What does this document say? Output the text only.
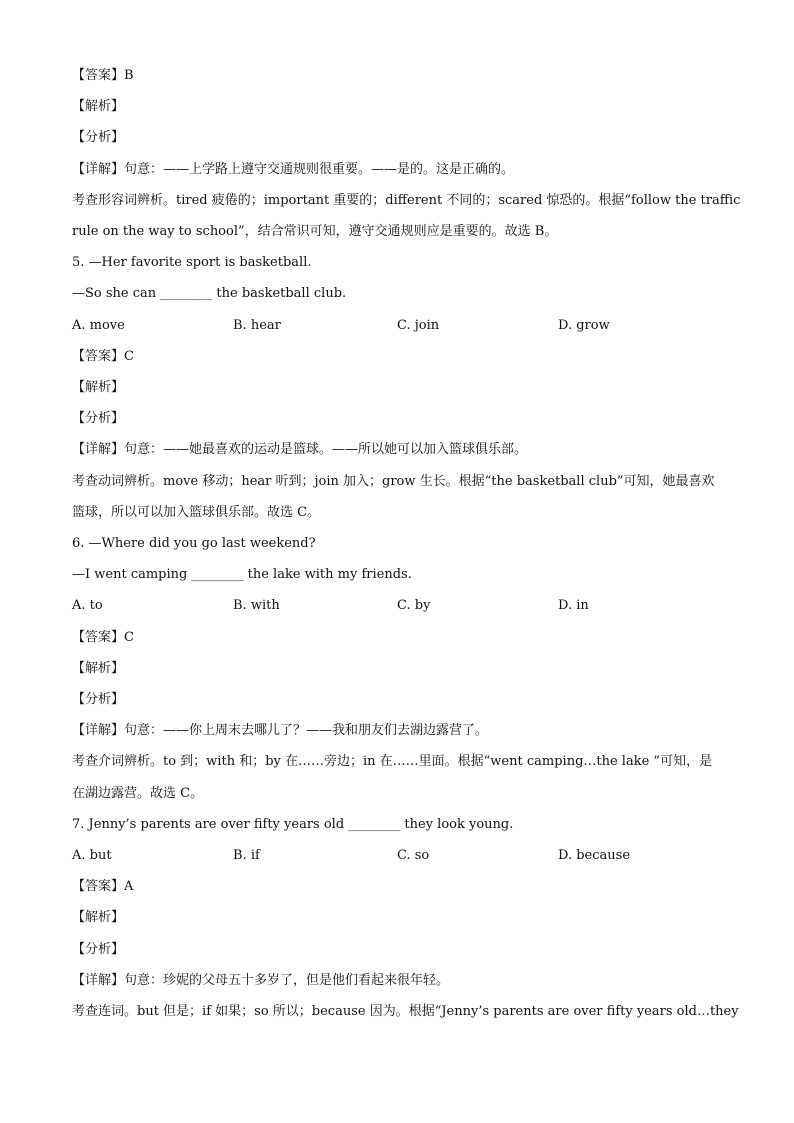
【答案】B
【解析】
【分析】
【详解】句意：——上学路上遵守交通规则很重要。——是的。这是正确的。
考查形容词辨析。tired 疲倦的；important 重要的；different 不同的；scared 惊恐的。根据“follow the traffic
rule on the way to school”，结合常识可知，遵守交通规则应是重要的。故选 B。
5. —Her favorite sport is basketball.
—So she can ________ the basketball club.
A. move	B. hear	C. join	D. grow
【答案】C
【解析】
【分析】
【详解】句意：——她最喜欢的运动是篮球。——所以她可以加入篮球俱乐部。
考查动词辨析。move 移动；hear 听到；join 加入；grow 生长。根据“the basketball club”可知，她最喜欢
篮球，所以可以加入篮球俱乐部。故选 C。
6. —Where did you go last weekend?
—I went camping ________ the lake with my friends.
A. to	B. with	C. by	D. in
【答案】C
【解析】
【分析】
【详解】句意：——你上周末去哪儿了？——我和朋友们去湖边露营了。
考查介词辨析。to 到；with 和；by 在……旁边；in 在……里面。根据“went camping…the lake ”可知，是
在湖边露营。故选 C。
7. Jenny’s parents are over fifty years old ________ they look young.
A. but	B. if	C. so	D. because
【答案】A
【解析】
【分析】
【详解】句意：珍妮的父母五十多岁了，但是他们看起来很年轻。
考查连词。but 但是；if 如果；so 所以；because 因为。根据“Jenny’s parents are over fifty years old…they
